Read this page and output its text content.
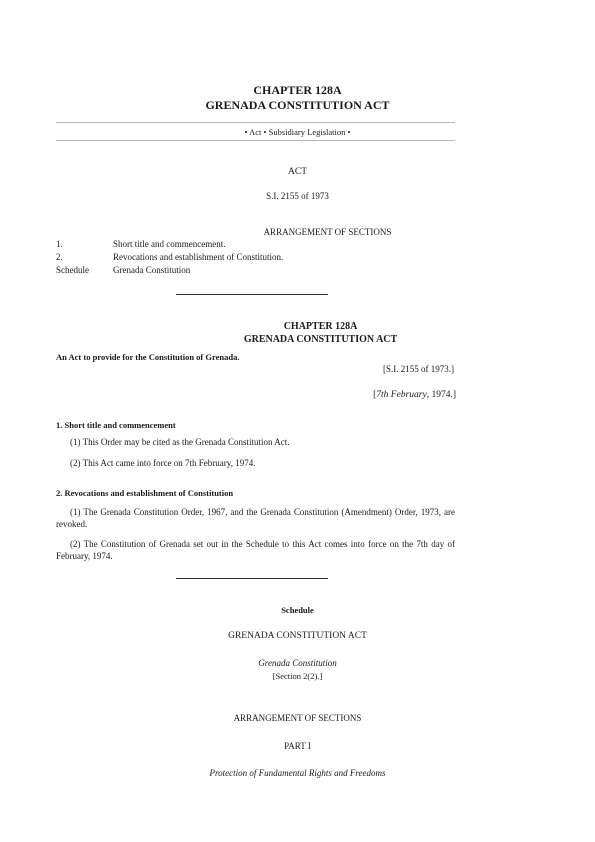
CHAPTER 128A
GRENADA CONSTITUTION ACT
• Act • Subsidiary Legislation •
ACT
S.I. 2155 of 1973
ARRANGEMENT OF SECTIONS
1.	Short title and commencement.
2.	Revocations and establishment of Constitution.
Schedule	Grenada Constitution
CHAPTER 128A
GRENADA CONSTITUTION ACT
An Act to provide for the Constitution of Grenada.
[S.I. 2155 of 1973.]
[7th February, 1974.]
1. Short title and commencement
(1) This Order may be cited as the Grenada Constitution Act.
(2) This Act came into force on 7th February, 1974.
2. Revocations and establishment of Constitution
(1) The Grenada Constitution Order, 1967, and the Grenada Constitution (Amendment) Order, 1973, are revoked.
(2) The Constitution of Grenada set out in the Schedule to this Act comes into force on the 7th day of February, 1974.
Schedule
GRENADA CONSTITUTION ACT
Grenada Constitution
[Section 2(2).]
ARRANGEMENT OF SECTIONS
PART I
Protection of Fundamental Rights and Freedoms
